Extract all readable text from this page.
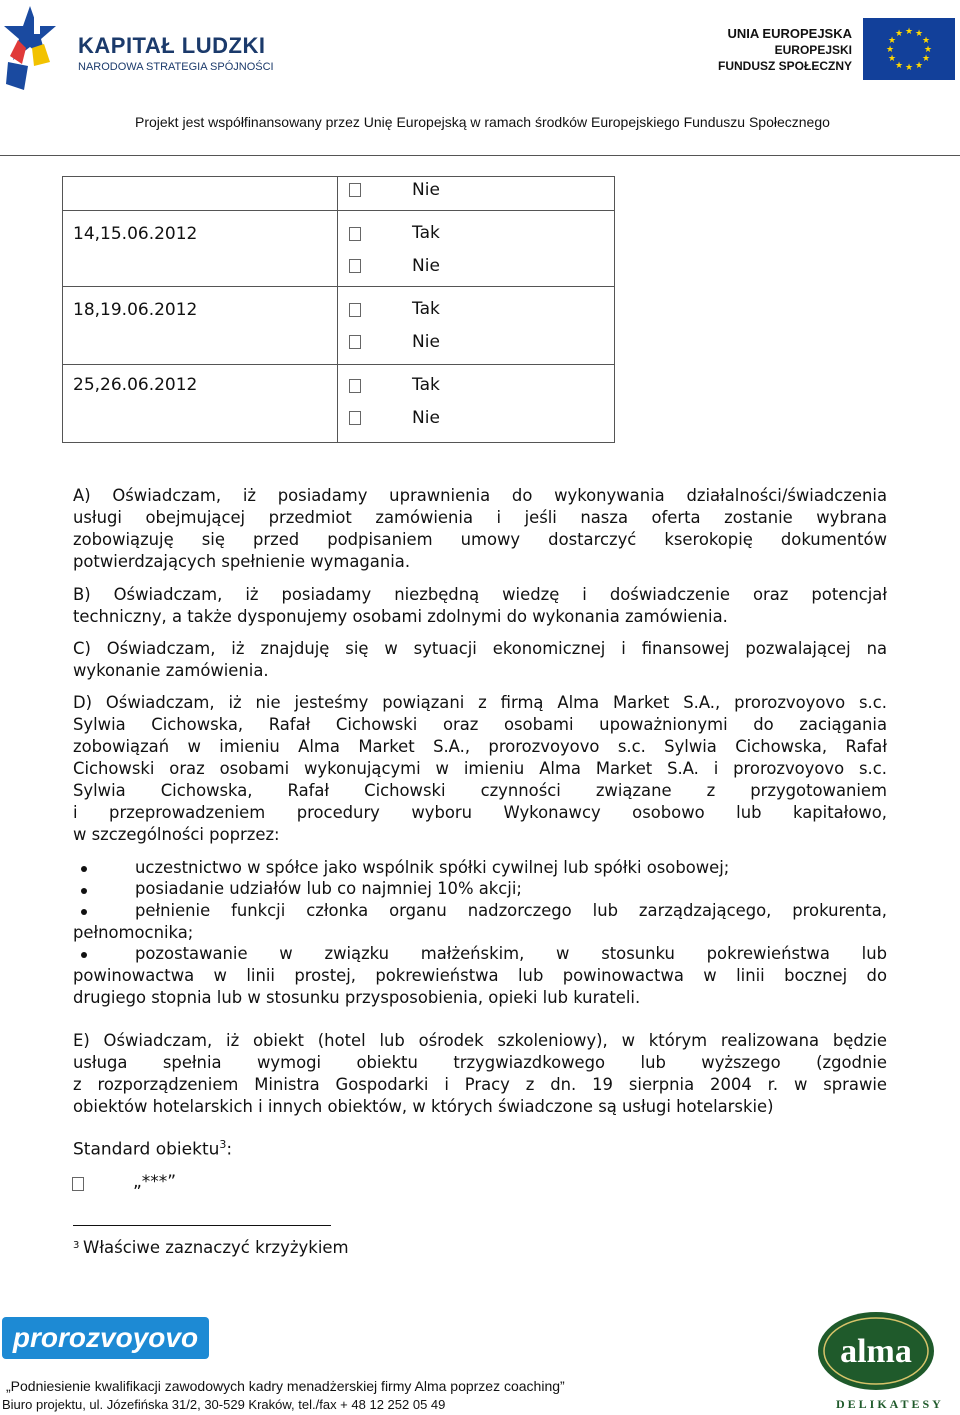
KAPITAŁ LUDZKI
NARODOWA STRATEGIA SPÓJNOŚCI
UNIA EUROPEJSKA
EUROPEJSKI
FUNDUSZ SPOŁECZNY
★ ★
★
★
★
★
★
★
★
★
★
★
Projekt jest współfinansowany przez Unię Europejską w ramach środków Europejskiego Funduszu Społecznego
Nie
14,15.06.2012	Tak
Nie
18,19.06.2012	Tak
Nie
25,26.06.2012	Tak
Nie
A) Oświadczam, iż posiadamy uprawnienia do wykonywania działalności/świadczenia
usługi obejmującej przedmiot zamówienia i jeśli nasza oferta zostanie wybrana
zobowiązuję się przed podpisaniem umowy dostarczyć kserokopię dokumentów
potwierdzających spełnienie wymagania.
B) Oświadczam, iż posiadamy niezbędną wiedzę i doświadczenie oraz potencjał
techniczny, a także dysponujemy osobami zdolnymi do wykonania zamówienia.
C) Oświadczam, iż znajduję się w sytuacji ekonomicznej i finansowej pozwalającej na
wykonanie zamówienia.
D) Oświadczam, iż nie jesteśmy powiązani z firmą Alma Market S.A., prorozvoyovo s.c.
Sylwia Cichowska, Rafał Cichowski oraz osobami upoważnionymi do zaciągania
zobowiązań w imieniu Alma Market S.A., prorozvoyovo s.c. Sylwia Cichowska, Rafał
Cichowski oraz osobami wykonującymi w imieniu Alma Market S.A. i prorozvoyovo s.c.
Sylwia Cichowska, Rafał Cichowski czynności związane z przygotowaniem
i przeprowadzeniem procedury wyboru Wykonawcy osobowo lub kapitałowo,
w szczególności poprzez:
uczestnictwo w spółce jako wspólnik spółki cywilnej lub spółki osobowej;
posiadanie udziałów lub co najmniej 10% akcji;
pełnienie funkcji członka organu nadzorczego lub zarządzającego, prokurenta,
pełnomocnika;
pozostawanie w związku małżeńskim, w stosunku pokrewieństwa lub
powinowactwa w linii prostej, pokrewieństwa lub powinowactwa w linii bocznej do
drugiego stopnia lub w stosunku przysposobienia, opieki lub kurateli.
E) Oświadczam, iż obiekt (hotel lub ośrodek szkoleniowy), w którym realizowana będzie
usługa spełnia wymogi obiektu trzygwiazdkowego lub wyższego (zgodnie
z rozporządzeniem Ministra Gospodarki i Pracy z dn. 19 sierpnia 2004 r. w sprawie
obiektów hotelarskich i innych obiektów, w których świadczone są usługi hotelarskie)
Standard obiektu$^3$:
„***”
3 Właściwe zaznaczyć krzyżykiem
prorozvoyovo	alma
DELIKATESY
„Podniesienie kwalifikacji zawodowych kadry menadżerskiej firmy Alma poprzez coaching”
Biuro projektu, ul. Józefińska 31/2, 30-529 Kraków, tel./fax + 48 12 252 05 49
